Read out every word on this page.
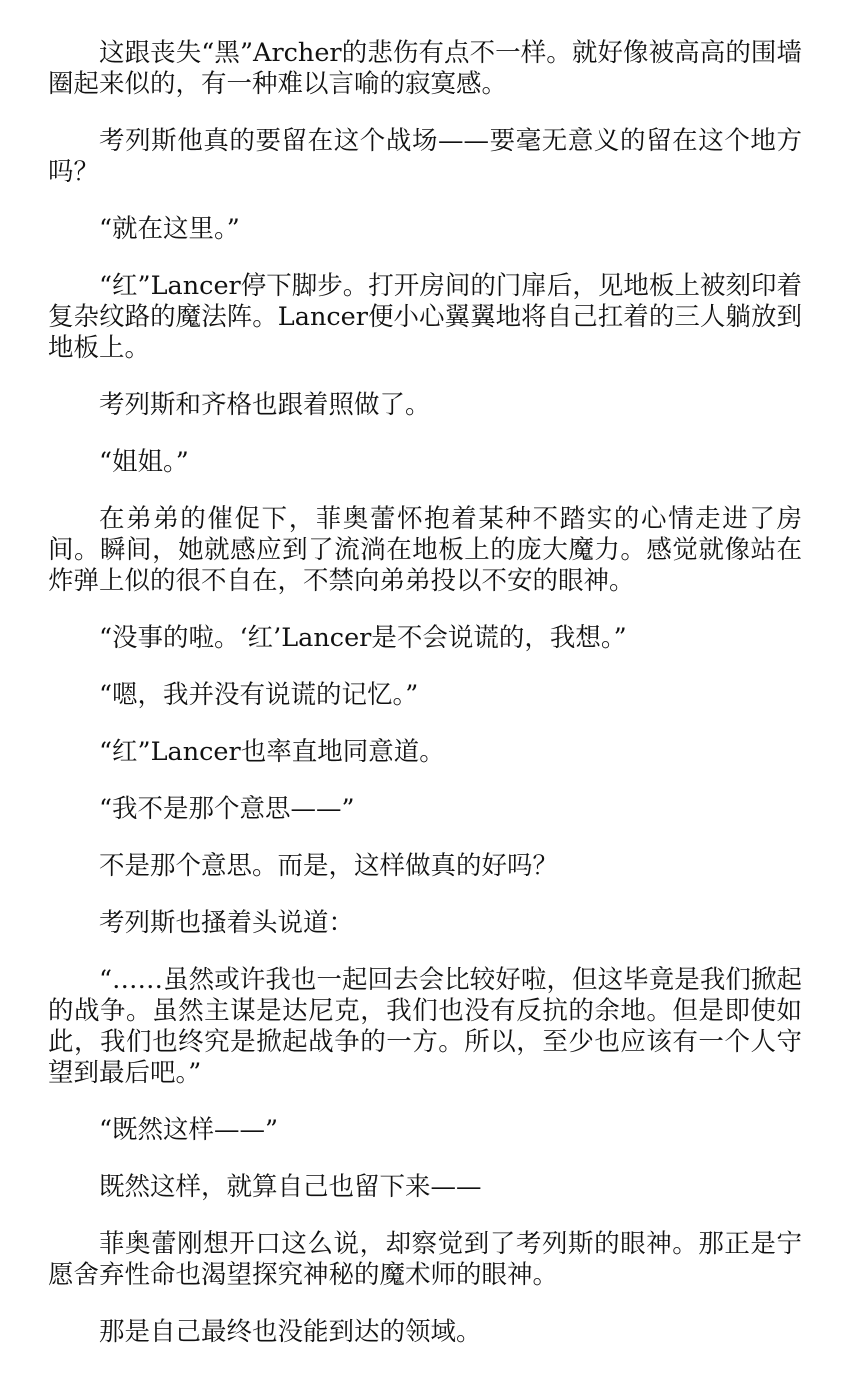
这跟丧失“黑”Archer的悲伤有点不一样。就好像被高高的围墙圈起来似的，有一种难以言喻的寂寞感。

考列斯他真的要留在这个战场——要毫无意义的留在这个地方吗？

“就在这里。”

“红”Lancer停下脚步。打开房间的门扉后，见地板上被刻印着复杂纹路的魔法阵。Lancer便小心翼翼地将自己扛着的三人躺放到地板上。

考列斯和齐格也跟着照做了。

“姐姐。”

在弟弟的催促下，菲奥蕾怀抱着某种不踏实的心情走进了房间。瞬间，她就感应到了流淌在地板上的庞大魔力。感觉就像站在炸弹上似的很不自在，不禁向弟弟投以不安的眼神。

“没事的啦。‘红’Lancer是不会说谎的，我想。”

“嗯，我并没有说谎的记忆。”

“红”Lancer也率直地同意道。

“我不是那个意思——”

不是那个意思。而是，这样做真的好吗？

考列斯也搔着头说道：

“……虽然或许我也一起回去会比较好啦，但这毕竟是我们掀起的战争。虽然主谋是达尼克，我们也没有反抗的余地。但是即使如此，我们也终究是掀起战争的一方。所以，至少也应该有一个人守望到最后吧。”

“既然这样——”

既然这样，就算自己也留下来——

菲奥蕾刚想开口这么说，却察觉到了考列斯的眼神。那正是宁愿舍弃性命也渴望探究神秘的魔术师的眼神。

那是自己最终也没能到达的领域。
